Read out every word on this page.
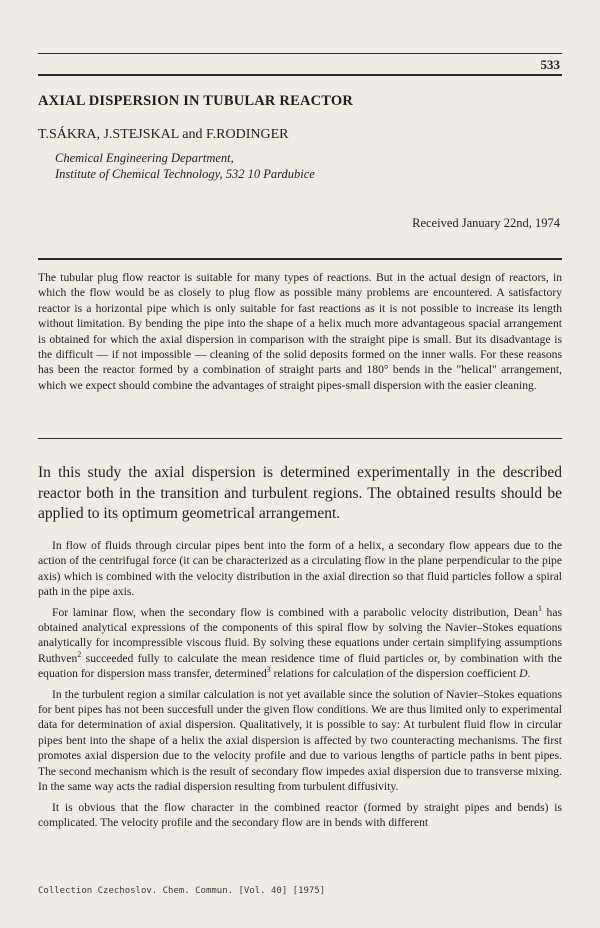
533
AXIAL DISPERSION IN TUBULAR REACTOR
T.SÁKRA, J.STEJSKAL and F.RODINGER
Chemical Engineering Department,
Institute of Chemical Technology, 532 10 Pardubice
Received January 22nd, 1974
The tubular plug flow reactor is suitable for many types of reactions. But in the actual design of reactors, in which the flow would be as closely to plug flow as possible many problems are encountered. A satisfactory reactor is a horizontal pipe which is only suitable for fast reactions as it is not possible to increase its length without limitation. By bending the pipe into the shape of a helix much more advantageous spacial arrangement is obtained for which the axial dispersion in comparison with the straight pipe is small. But its disadvantage is the difficult — if not impossible — cleaning of the solid deposits formed on the inner walls. For these reasons has been the reactor formed by a combination of straight parts and 180° bends in the "helical" arrangement, which we expect should combine the advantages of straight pipes-small dispersion with the easier cleaning.
In this study the axial dispersion is determined experimentally in the described reactor both in the transition and turbulent regions. The obtained results should be applied to its optimum geometrical arrangement.

In flow of fluids through circular pipes bent into the form of a helix, a secondary flow appears due to the action of the centrifugal force (it can be characterized as a circulating flow in the plane perpendicular to the pipe axis) which is combined with the velocity distribution in the axial direction so that fluid particles follow a spiral path in the pipe axis.

For laminar flow, when the secondary flow is combined with a parabolic velocity distribution, Dean$^1$ has obtained analytical expressions of the components of this spiral flow by solving the Navier–Stokes equations analytically for incompressible viscous fluid. By solving these equations under certain simplifying assumptions Ruthven$^2$ succeeded fully to calculate the mean residence time of fluid particles or, by combination with the equation for dispersion mass transfer, determined$^3$ relations for calculation of the dispersion coefficient D.

In the turbulent region a similar calculation is not yet available since the solution of Navier–Stokes equations for bent pipes has not been succesfull under the given flow conditions. We are thus limited only to experimental data for determination of axial dispersion. Qualitatively, it is possible to say: At turbulent fluid flow in circular pipes bent into the shape of a helix the axial dispersion is affected by two counteracting mechanisms. The first promotes axial dispersion due to the velocity profile and due to various lengths of particle paths in bent pipes. The second mechanism which is the result of secondary flow impedes axial dispersion due to transverse mixing. In the same way acts the radial dispersion resulting from turbulent diffusivity.

It is obvious that the flow character in the combined reactor (formed by straight pipes and bends) is complicated. The velocity profile and the secondary flow are in bends with different

Collection Czechoslov. Chem. Commun. [Vol. 40] [1975]
